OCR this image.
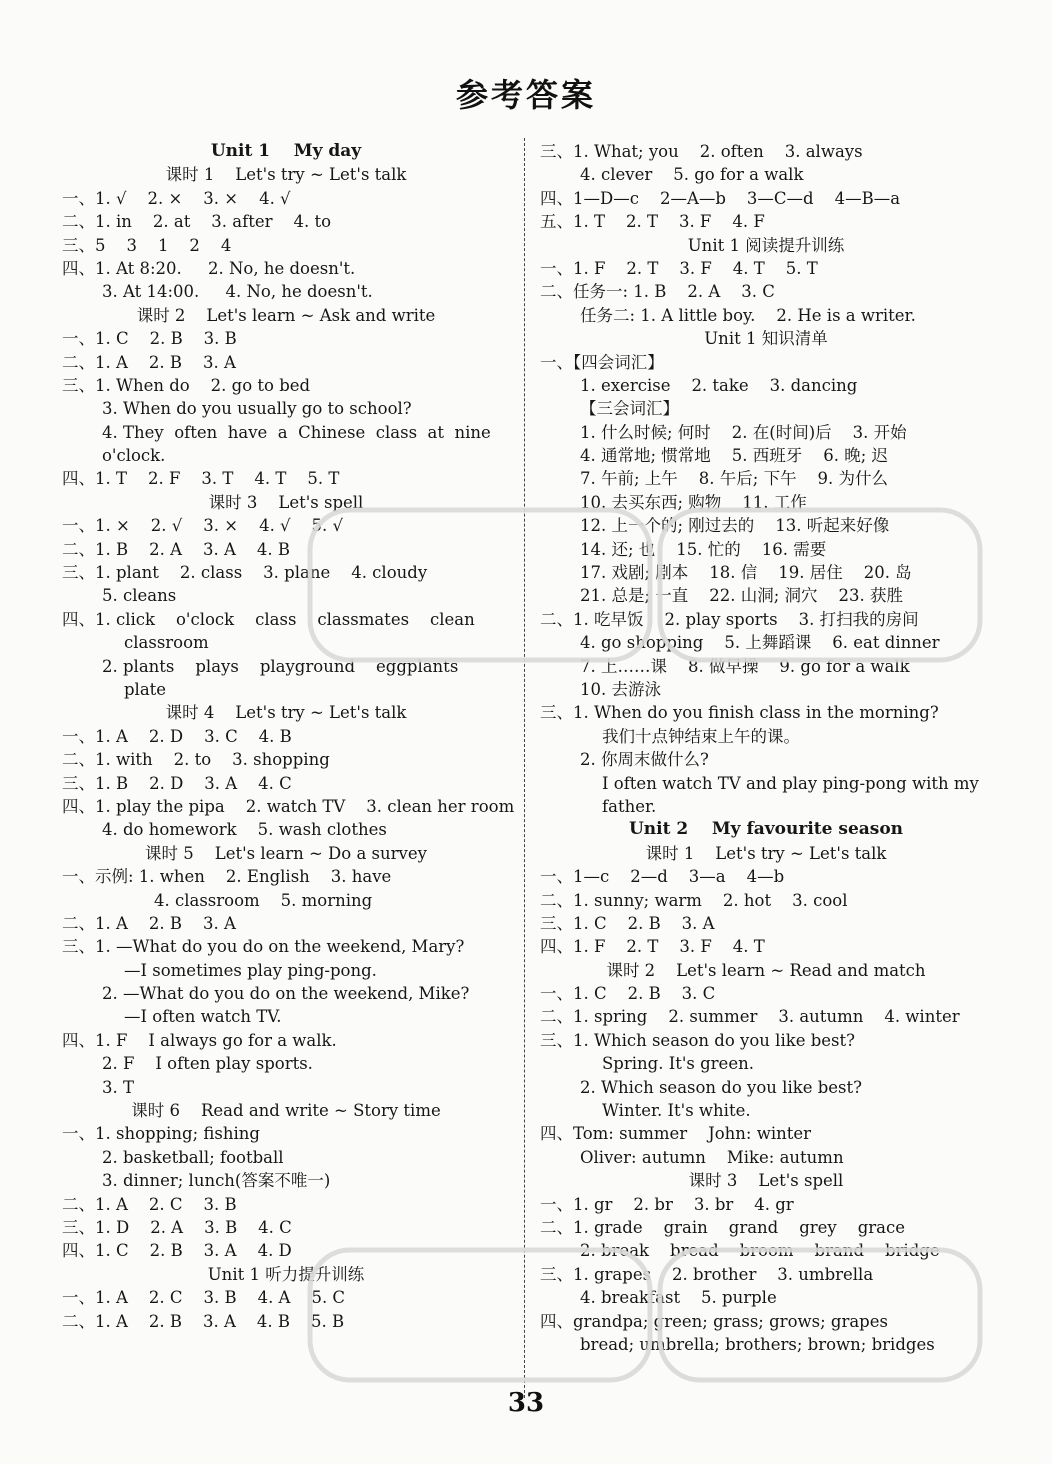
参考答案
Unit 1    My day
课时 1    Let's try ~ Let's talk
一、1. √    2. ×    3. ×    4. √
二、1. in    2. at    3. after    4. to
三、5    3    1    2    4
四、1. At 8:20.     2. No, he doesn't.
3. At 14:00.     4. No, he doesn't.
课时 2    Let's learn ~ Ask and write
一、1. C    2. B    3. B
二、1. A    2. B    3. A
三、1. When do    2. go to bed
3. When do you usually go to school?
4. They  often  have  a  Chinese  class  at  nine
o'clock.
四、1. T    2. F    3. T    4. T    5. T
课时 3    Let's spell
一、1. ×    2. √    3. ×    4. √    5. √
二、1. B    2. A    3. A    4. B
三、1. plant    2. class    3. plane    4. cloudy
5. cleans
四、1. click    o'clock    class    classmates    clean
classroom
2. plants    plays    playground    eggplants
plate
课时 4    Let's try ~ Let's talk
一、1. A    2. D    3. C    4. B
二、1. with    2. to    3. shopping
三、1. B    2. D    3. A    4. C
四、1. play the pipa    2. watch TV    3. clean her room
4. do homework    5. wash clothes
课时 5    Let's learn ~ Do a survey
一、示例: 1. when    2. English    3. have
4. classroom    5. morning
二、1. A    2. B    3. A
三、1. —What do you do on the weekend, Mary?
—I sometimes play ping-pong.
2. —What do you do on the weekend, Mike?
—I often watch TV.
四、1. F    I always go for a walk.
2. F    I often play sports.
3. T
课时 6    Read and write ~ Story time
一、1. shopping; fishing
2. basketball; football
3. dinner; lunch(答案不唯一)
二、1. A    2. C    3. B
三、1. D    2. A    3. B    4. C
四、1. C    2. B    3. A    4. D
Unit 1 听力提升训练
一、1. A    2. C    3. B    4. A    5. C
二、1. A    2. B    3. A    4. B    5. B
三、1. What; you    2. often    3. always
4. clever    5. go for a walk
四、1—D—c    2—A—b    3—C—d    4—B—a
五、1. T    2. T    3. F    4. F
Unit 1 阅读提升训练
一、1. F    2. T    3. F    4. T    5. T
二、任务一: 1. B    2. A    3. C
任务二: 1. A little boy.    2. He is a writer.
Unit 1 知识清单
一、【四会词汇】
1. exercise    2. take    3. dancing
【三会词汇】
1. 什么时候; 何时    2. 在(时间)后    3. 开始
4. 通常地; 惯常地    5. 西班牙    6. 晚; 迟
7. 午前; 上午    8. 午后; 下午    9. 为什么
10. 去买东西; 购物    11. 工作
12. 上一个的; 刚过去的    13. 听起来好像
14. 还; 也    15. 忙的    16. 需要
17. 戏剧; 剧本    18. 信    19. 居住    20. 岛
21. 总是; 一直    22. 山洞; 洞穴    23. 获胜
二、1. 吃早饭    2. play sports    3. 打扫我的房间
4. go shopping    5. 上舞蹈课    6. eat dinner
7. 上……课    8. 做早操    9. go for a walk
10. 去游泳
三、1. When do you finish class in the morning?
我们十点钟结束上午的课。
2. 你周末做什么?
I often watch TV and play ping-pong with my
father.
Unit 2    My favourite season
课时 1    Let's try ~ Let's talk
一、1—c    2—d    3—a    4—b
二、1. sunny; warm    2. hot    3. cool
三、1. C    2. B    3. A
四、1. F    2. T    3. F    4. T
课时 2    Let's learn ~ Read and match
一、1. C    2. B    3. C
二、1. spring    2. summer    3. autumn    4. winter
三、1. Which season do you like best?
Spring. It's green.
2. Which season do you like best?
Winter. It's white.
四、Tom: summer    John: winter
Oliver: autumn    Mike: autumn
课时 3    Let's spell
一、1. gr    2. br    3. br    4. gr
二、1. grade    grain    grand    grey    grace
2. break    bread    broom    brand    bridge
三、1. grapes    2. brother    3. umbrella
4. breakfast    5. purple
四、grandpa; green; grass; grows; grapes
bread; umbrella; brothers; brown; bridges
33
